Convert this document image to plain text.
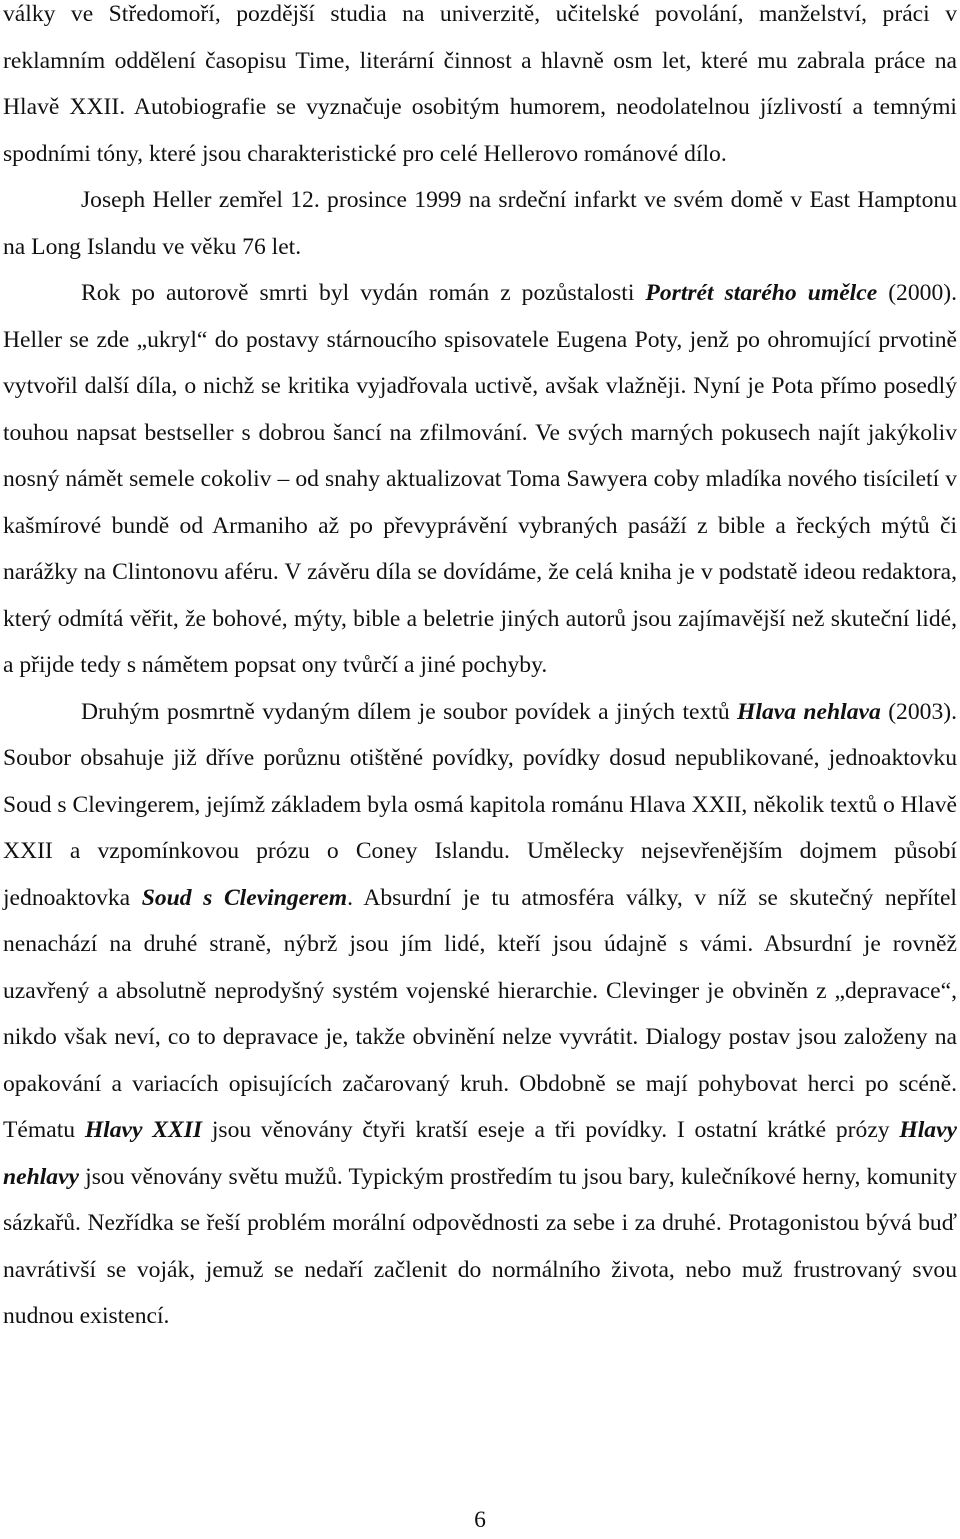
války ve Středomoří, pozdější studia na univerzitě, učitelské povolání, manželství, práci v reklamním oddělení časopisu Time, literární činnost a hlavně osm let, které mu zabrala práce na Hlavě XXII. Autobiografie se vyznačuje osobitým humorem, neodolatelnou jízlivostí a temnými spodními tóny, které jsou charakteristické pro celé Hellerovo románové dílo.

Joseph Heller zemřel 12. prosince 1999 na srdeční infarkt ve svém domě v East Hamptonu na Long Islandu ve věku 76 let.

Rok po autorově smrti byl vydán román z pozůstalosti Portrét starého umělce (2000). Heller se zde „ukryl“ do postavy stárnoucího spisovatele Eugena Poty, jenž po ohromující prvotině vytvořil další díla, o nichž se kritika vyjadřovala uctivě, avšak vlažněji. Nyní je Pota přímo posedlý touhou napsat bestseller s dobrou šancí na zfilmování. Ve svých marných pokusech najít jakýkoliv nosný námět semele cokoliv – od snahy aktualizovat Toma Sawyera coby mladíka nového tisíciletí v kašmírové bundě od Armaniho až po převyprávění vybraných pasáží z bible a řeckých mýtů či narážky na Clintonovu aféru. V závěru díla se dovídáme, že celá kniha je v podstatě ideou redaktora, který odmítá věřit, že bohové, mýty, bible a beletrie jiných autorů jsou zajímavější než skuteční lidé, a přijde tedy s námětem popsat ony tvůrčí a jiné pochyby.

Druhým posmrtně vydaným dílem je soubor povídek a jiných textů Hlava nehlava (2003). Soubor obsahuje již dříve porůznu otištěné povídky, povídky dosud nepublikované, jednoaktovku Soud s Clevingerem, jejímž základem byla osmá kapitola románu Hlava XXII, několik textů o Hlavě XXII a vzpomínkovou prózu o Coney Islandu. Umělecky nejsevřenějším dojmem působí jednoaktovka Soud s Clevingerem. Absurdní je tu atmosféra války, v níž se skutečný nepřítel nenachází na druhé straně, nýbrž jsou jím lidé, kteří jsou údajně s vámi. Absurdní je rovněž uzavřený a absolutně neprodyšný systém vojenské hierarchie. Clevinger je obviněn z „depravace“, nikdo však neví, co to depravace je, takže obvinění nelze vyvrátit. Dialogy postav jsou založeny na opakování a variacích opisujících začarovaný kruh. Obdobně se mají pohybovat herci po scéně. Tématu Hlavy XXII jsou věnovány čtyři kratší eseje a tři povídky. I ostatní krátké prózy Hlavy nehlavy jsou věnovány světu mužů. Typickým prostředím tu jsou bary, kulečníkové herny, komunity sázkařů. Nezřídka se řeší problém morální odpovědnosti za sebe i za druhé. Protagonistou bývá buď navrátivší se voják, jemuž se nedaří začlenit do normálního života, nebo muž frustrovaný svou nudnou existencí.

6
